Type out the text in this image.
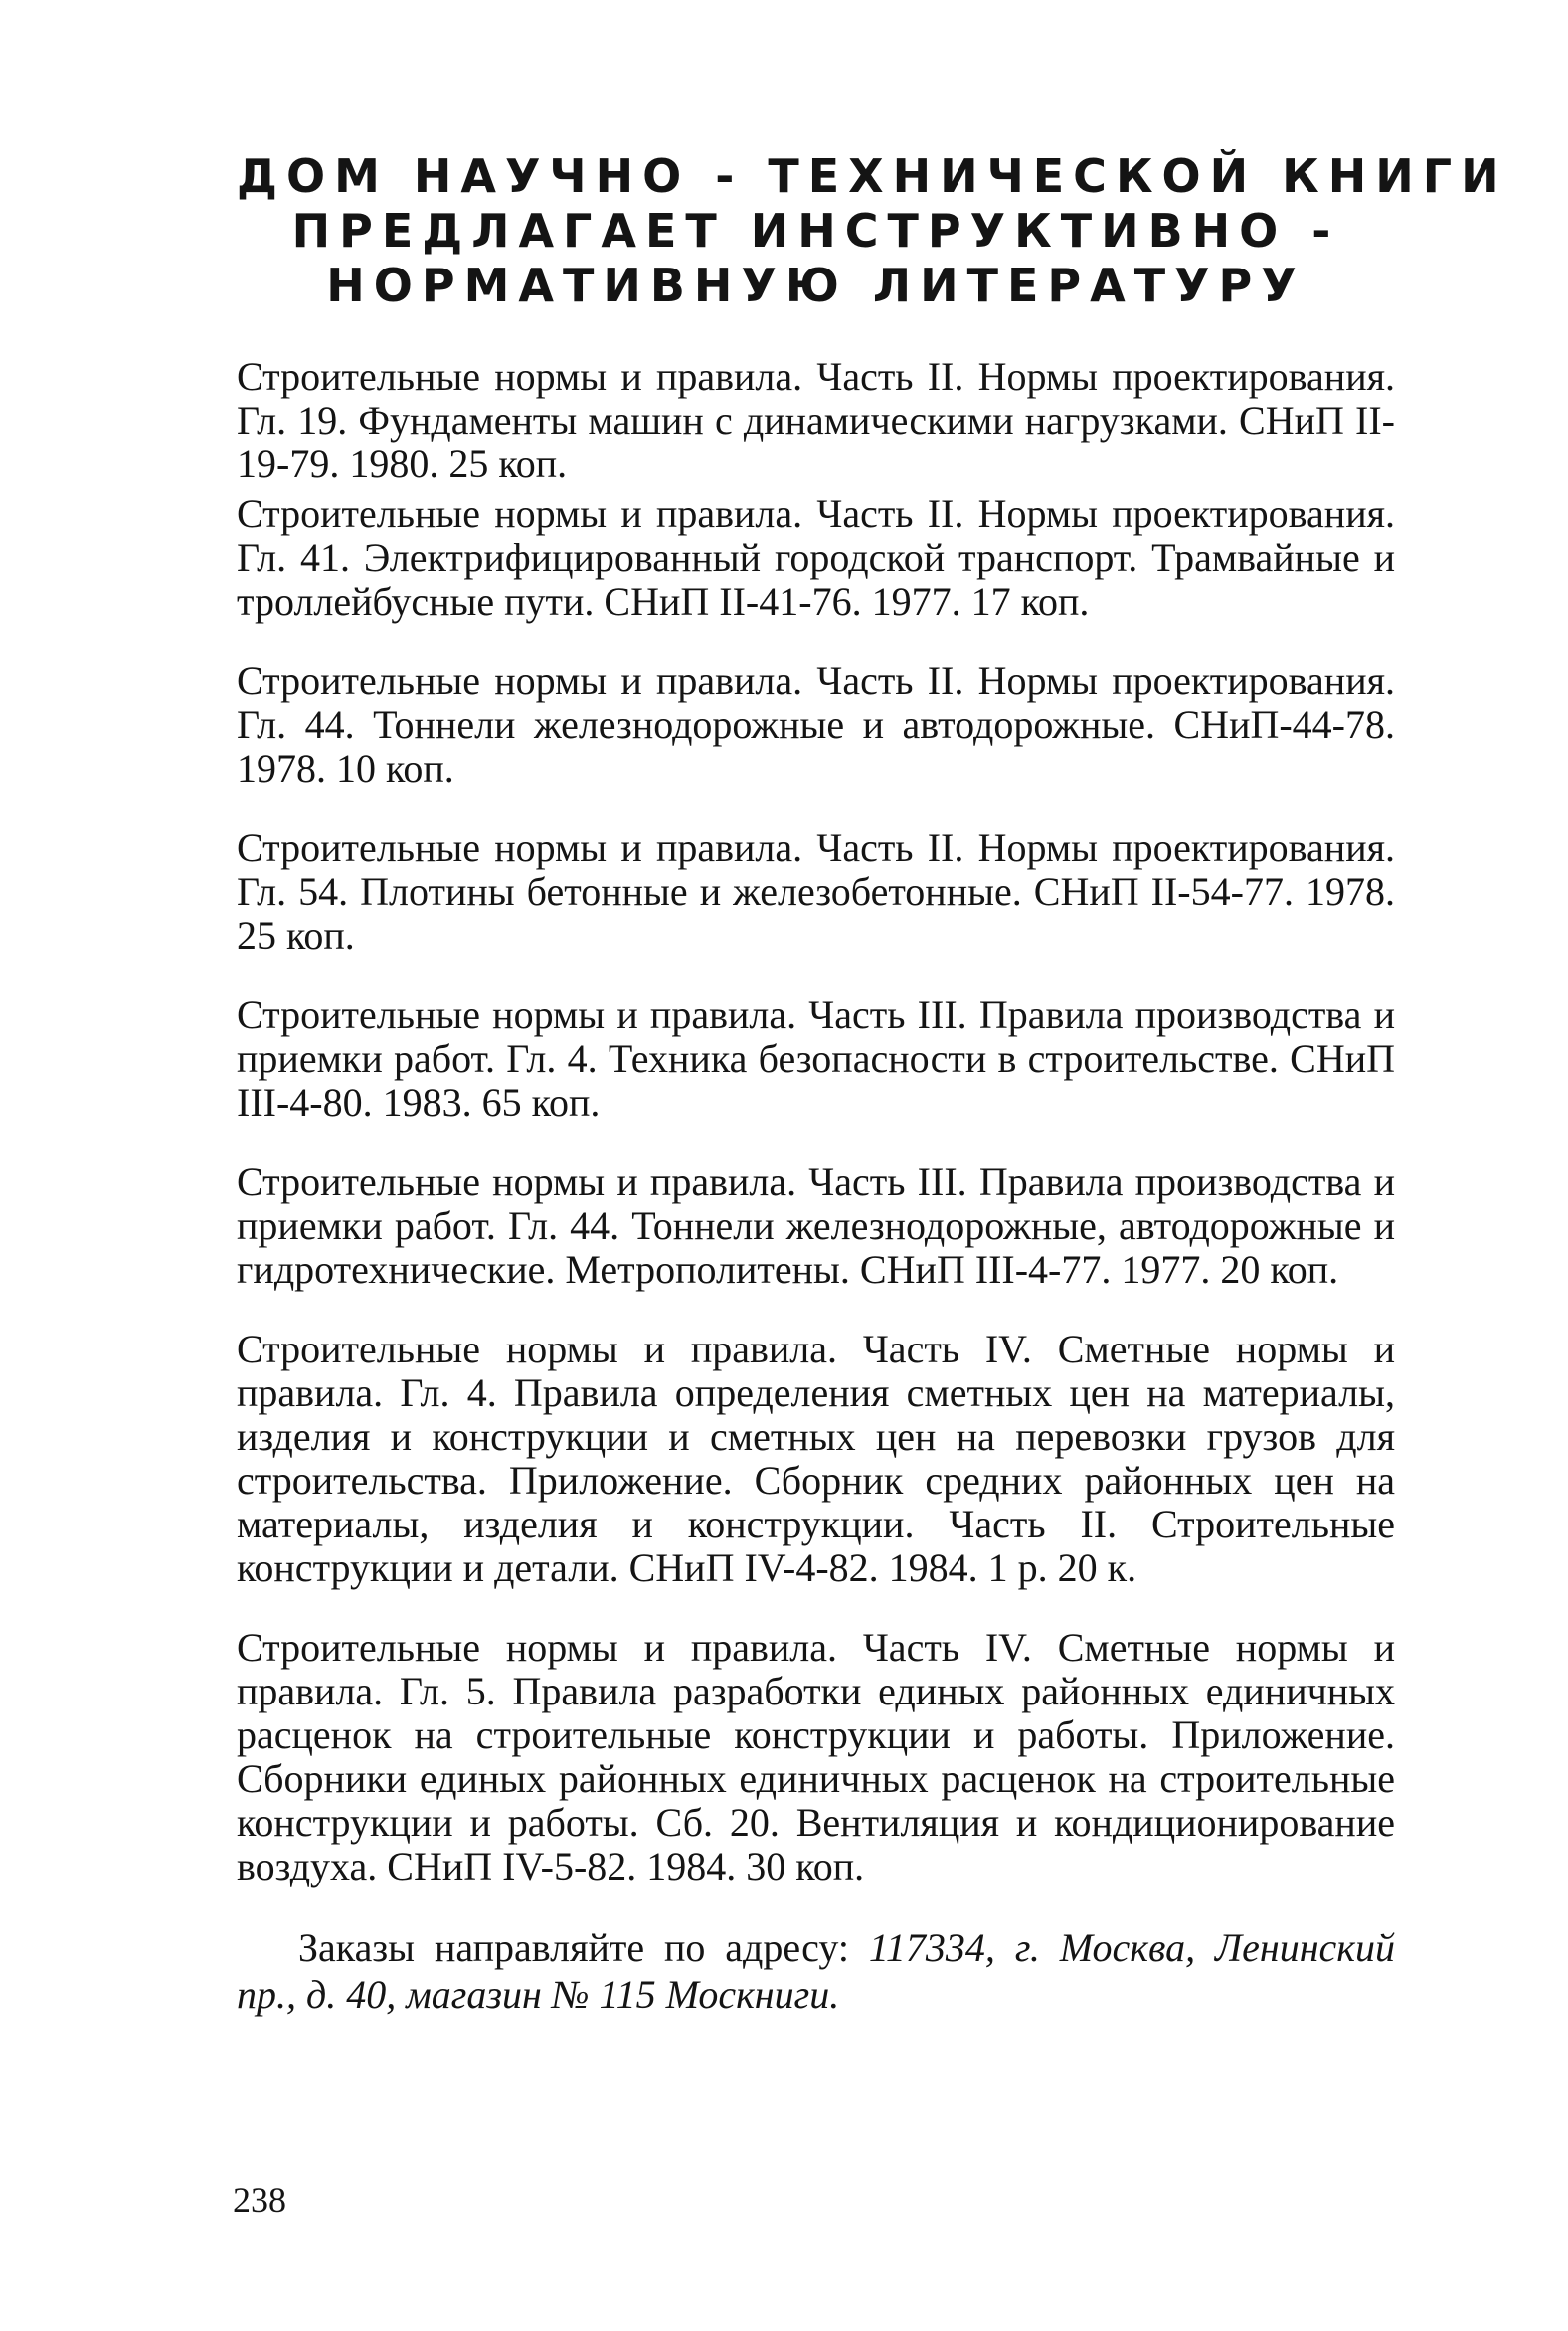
ДОМ НАУЧНО - ТЕХНИЧЕСКОЙ КНИГИ
ПРЕДЛАГАЕТ ИНСТРУКТИВНО -
НОРМАТИВНУЮ ЛИТЕРАТУРУ

Строительные нормы и правила. Часть II. Нормы проектирования. Гл. 19. Фундаменты машин с динамическими нагрузками. СНиП II-19-79. 1980. 25 коп.

Строительные нормы и правила. Часть II. Нормы проектирования. Гл. 41. Электрифицированный городской транспорт. Трамвайные и троллейбусные пути. СНиП II-41-76. 1977. 17 коп.

Строительные нормы и правила. Часть II. Нормы проектирования. Гл. 44. Тоннели железнодорожные и автодорожные. СНиП-44-78. 1978. 10 коп.

Строительные нормы и правила. Часть II. Нормы проектирования. Гл. 54. Плотины бетонные и железобетонные. СНиП II-54-77. 1978. 25 коп.

Строительные нормы и правила. Часть III. Правила производства и приемки работ. Гл. 4. Техника безопасности в строительстве. СНиП III-4-80. 1983. 65 коп.

Строительные нормы и правила. Часть III. Правила производства и приемки работ. Гл. 44. Тоннели железнодорожные, автодорожные и гидротехнические. Метрополитены. СНиП III-4-77. 1977. 20 коп.

Строительные нормы и правила. Часть IV. Сметные нормы и правила. Гл. 4. Правила определения сметных цен на материалы, изделия и конструкции и сметных цен на перевозки грузов для строительства. Приложение. Сборник средних районных цен на материалы, изделия и конструкции. Часть II. Строительные конструкции и детали. СНиП IV-4-82. 1984. 1 р. 20 к.

Строительные нормы и правила. Часть IV. Сметные нормы и правила. Гл. 5. Правила разработки единых районных единичных расценок на строительные конструкции и работы. Приложение. Сборники единых районных единичных расценок на строительные конструкции и работы. Сб. 20. Вентиляция и кондиционирование воздуха. СНиП IV-5-82. 1984. 30 коп.

Заказы направляйте по адресу: 117334, г. Москва, Ленинский пр., д. 40, магазин № 115 Москниги.

238
